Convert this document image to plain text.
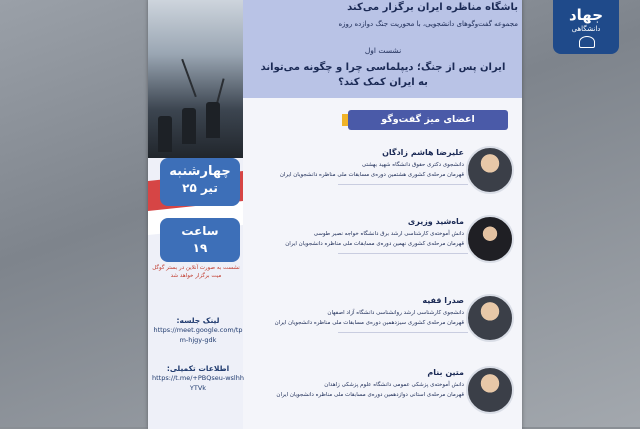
چهارشنبه
۲۵ تیر
ساعت
۱۹
نشست به صورت آنلاین در بستر گوگل میت برگزار خواهد شد
لینک جلسه:
https://meet.google.com/tpm-hjgy-gdk
اطلاعات تکمیلی:
https://t.me/+PBQseu-wslhhYTVk
باشگاه مناظره ایران برگزار می‌کند
مجموعه گفت‌وگوهای دانشجویی، با محوریت جنگ دوازده روزه
نشست اول
ایران پس از جنگ؛ دیپلماسی چرا و چگونه می‌تواند
به ایران کمک کند؟
اعضای میز گفت‌وگو
علیرضا هاشم زادگان
دانشجوی دکتری حقوق دانشگاه شهید بهشتی
قهرمان مرحله‌ی کشوری هشتمین دوره‌ی مسابقات ملی مناظره دانشجویان ایران
ماه‌شید وزیری
دانش آموخته‌ی کارشناسی ارشد برق دانشگاه خواجه نصیر طوسی
قهرمان مرحله‌ی کشوری نهمین دوره‌ی مسابقات ملی مناظره دانشجویان ایران
صدرا قفیه
دانشجوی کارشناسی ارشد روانشناسی دانشگاه آزاد اصفهان
قهرمان مرحله‌ی کشوری سیزدهمین دوره‌ی مسابقات ملی مناظره دانشجویان ایران
متین بنام
دانش آموخته‌ی پزشکی عمومی دانشگاه علوم پزشکی زاهدان
قهرمان مرحله‌ی استانی دوازدهمین دوره‌ی مسابقات ملی مناظره دانشجویان ایران
جهاد
دانشگاهی
